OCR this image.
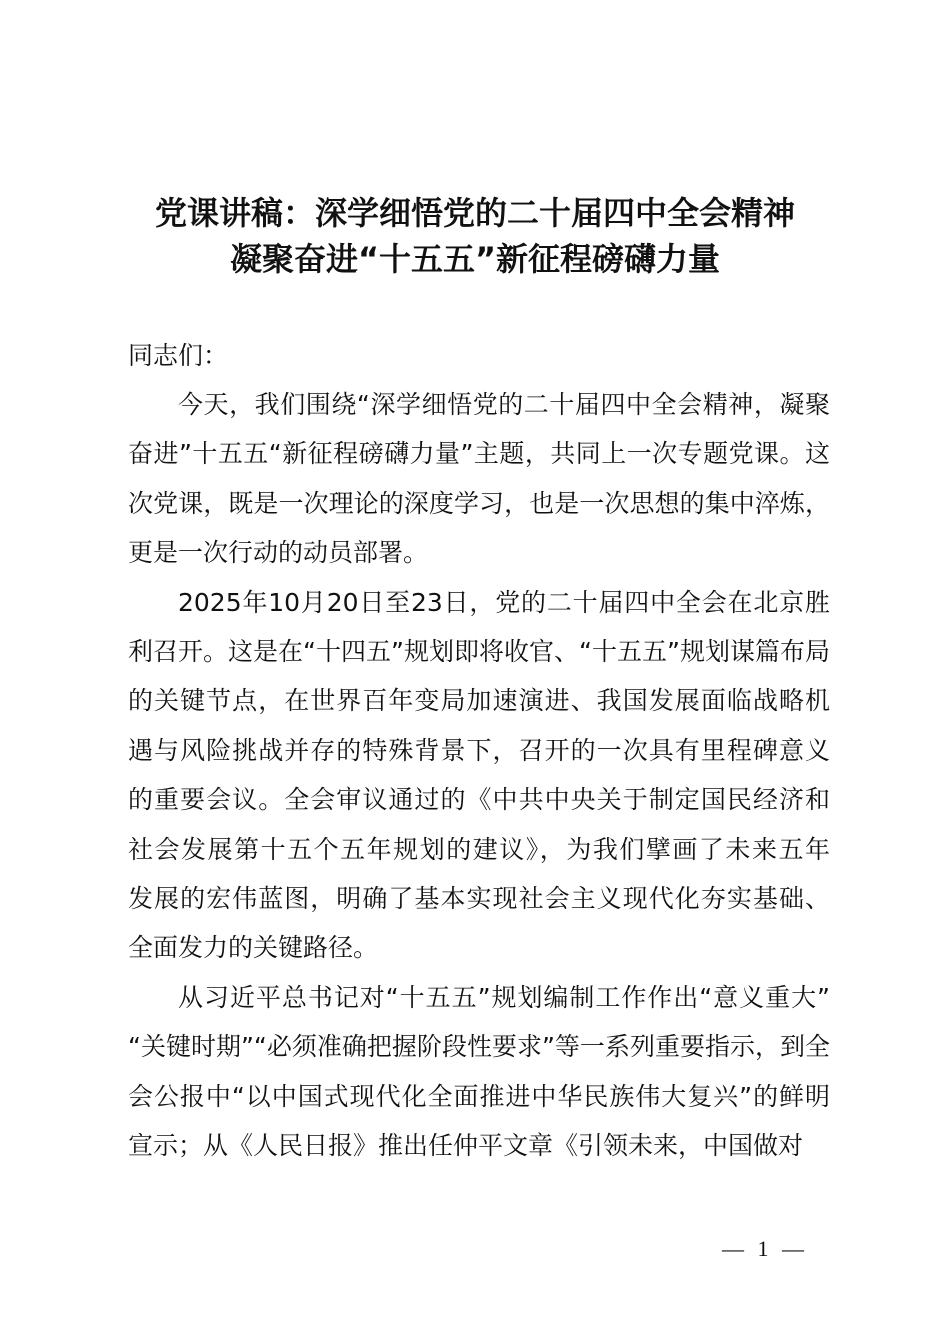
党课讲稿：深学细悟党的二十届四中全会精神
凝聚奋进“十五五”新征程磅礴力量
同志们：
今天，我们围绕“深学细悟党的二十届四中全会精神，凝聚
奋进”十五五“新征程磅礴力量”主题，共同上一次专题党课。这
次党课，既是一次理论的深度学习，也是一次思想的集中淬炼，
更是一次行动的动员部署。
2025年10月20日至23日，党的二十届四中全会在北京胜
利召开。这是在“十四五”规划即将收官、“十五五”规划谋篇布局
的关键节点，在世界百年变局加速演进、我国发展面临战略机
遇与风险挑战并存的特殊背景下，召开的一次具有里程碑意义
的重要会议。全会审议通过的《中共中央关于制定国民经济和
社会发展第十五个五年规划的建议》，为我们擘画了未来五年
发展的宏伟蓝图，明确了基本实现社会主义现代化夯实基础、
全面发力的关键路径。
从习近平总书记对“十五五”规划编制工作作出“意义重大”
“关键时期”“必须准确把握阶段性要求”等一系列重要指示，到全
会公报中“以中国式现代化全面推进中华民族伟大复兴”的鲜明
宣示；从《人民日报》推出任仲平文章《引领未来，中国做对
— 1 —
